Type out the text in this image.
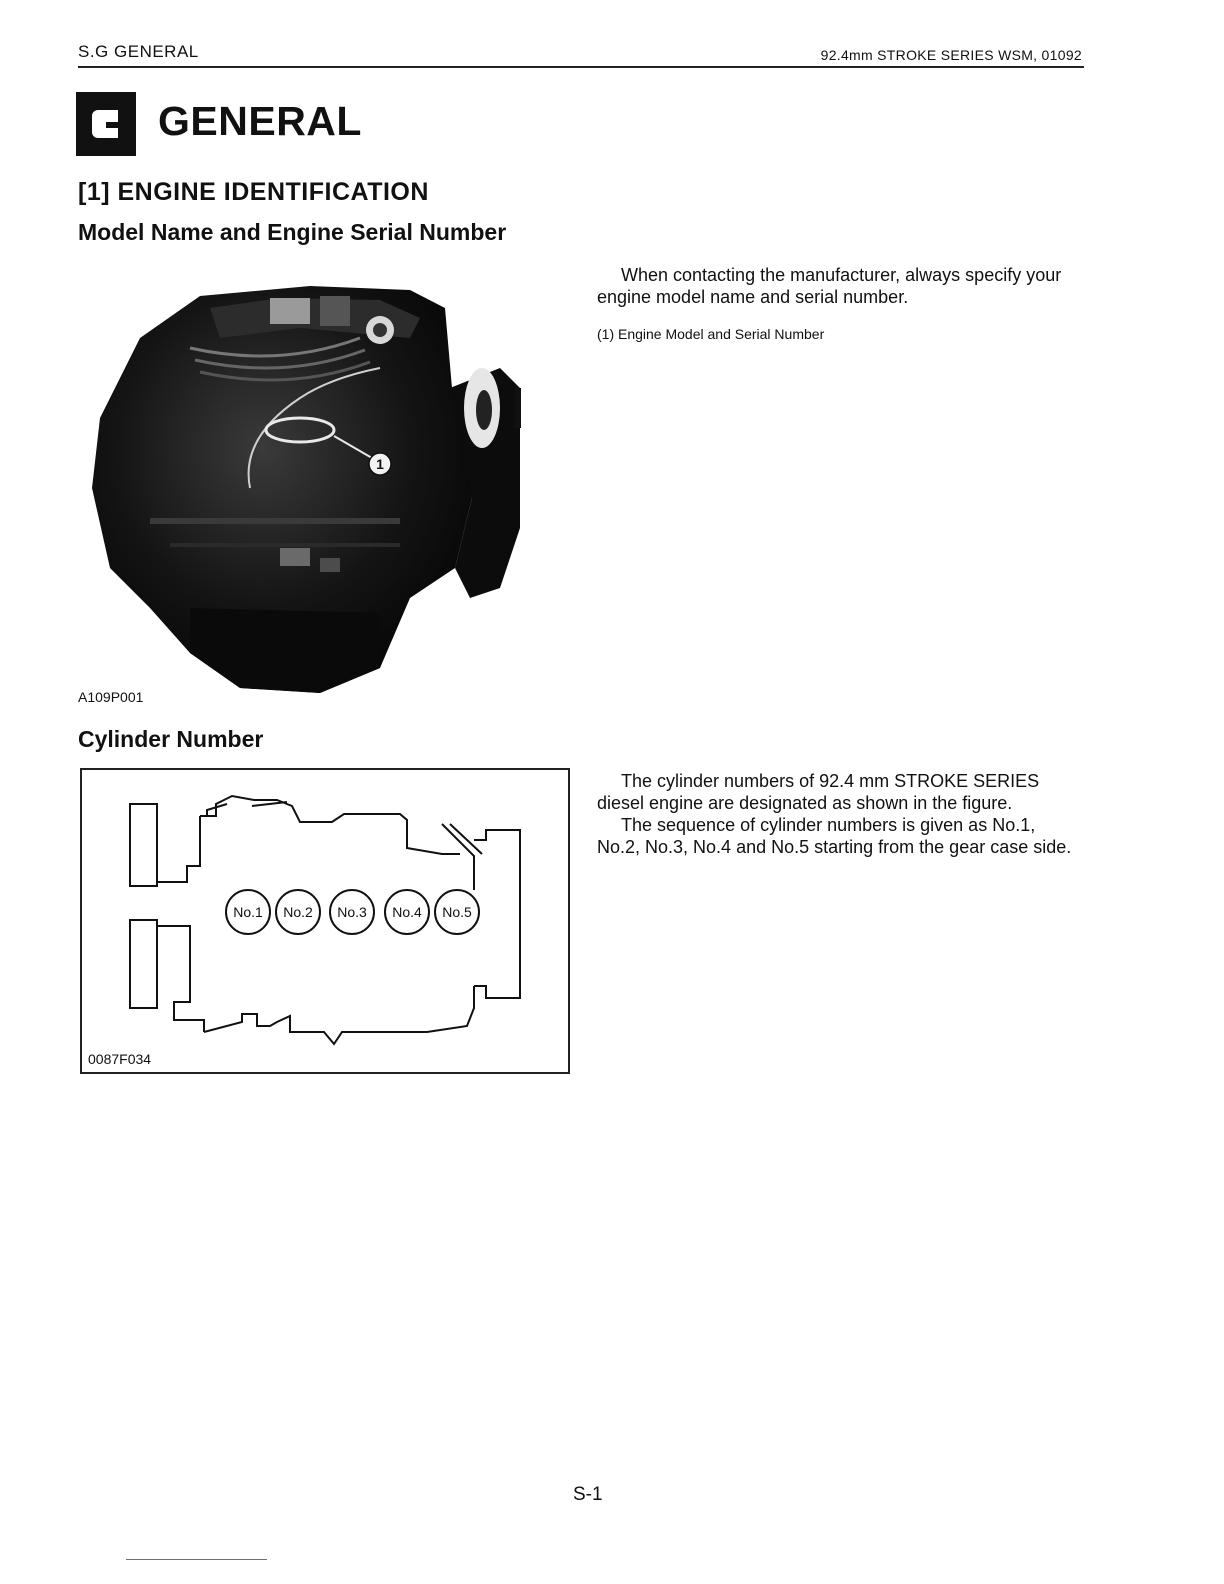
S.G GENERAL	92.4mm STROKE SERIES WSM, 01092
GENERAL
[1] ENGINE IDENTIFICATION
Model Name and Engine Serial Number
1
A109P001

When contacting the manufacturer, always specify your engine model name and serial number.

(1) Engine Model and Serial Number
Cylinder Number
No.1 No.2 No.3 No.4 No.5
0087F034

The cylinder numbers of 92.4 mm STROKE SERIES diesel engine are designated as shown in the figure.

The sequence of cylinder numbers is given as No.1, No.2, No.3, No.4 and No.5 starting from the gear case side.

S-1
